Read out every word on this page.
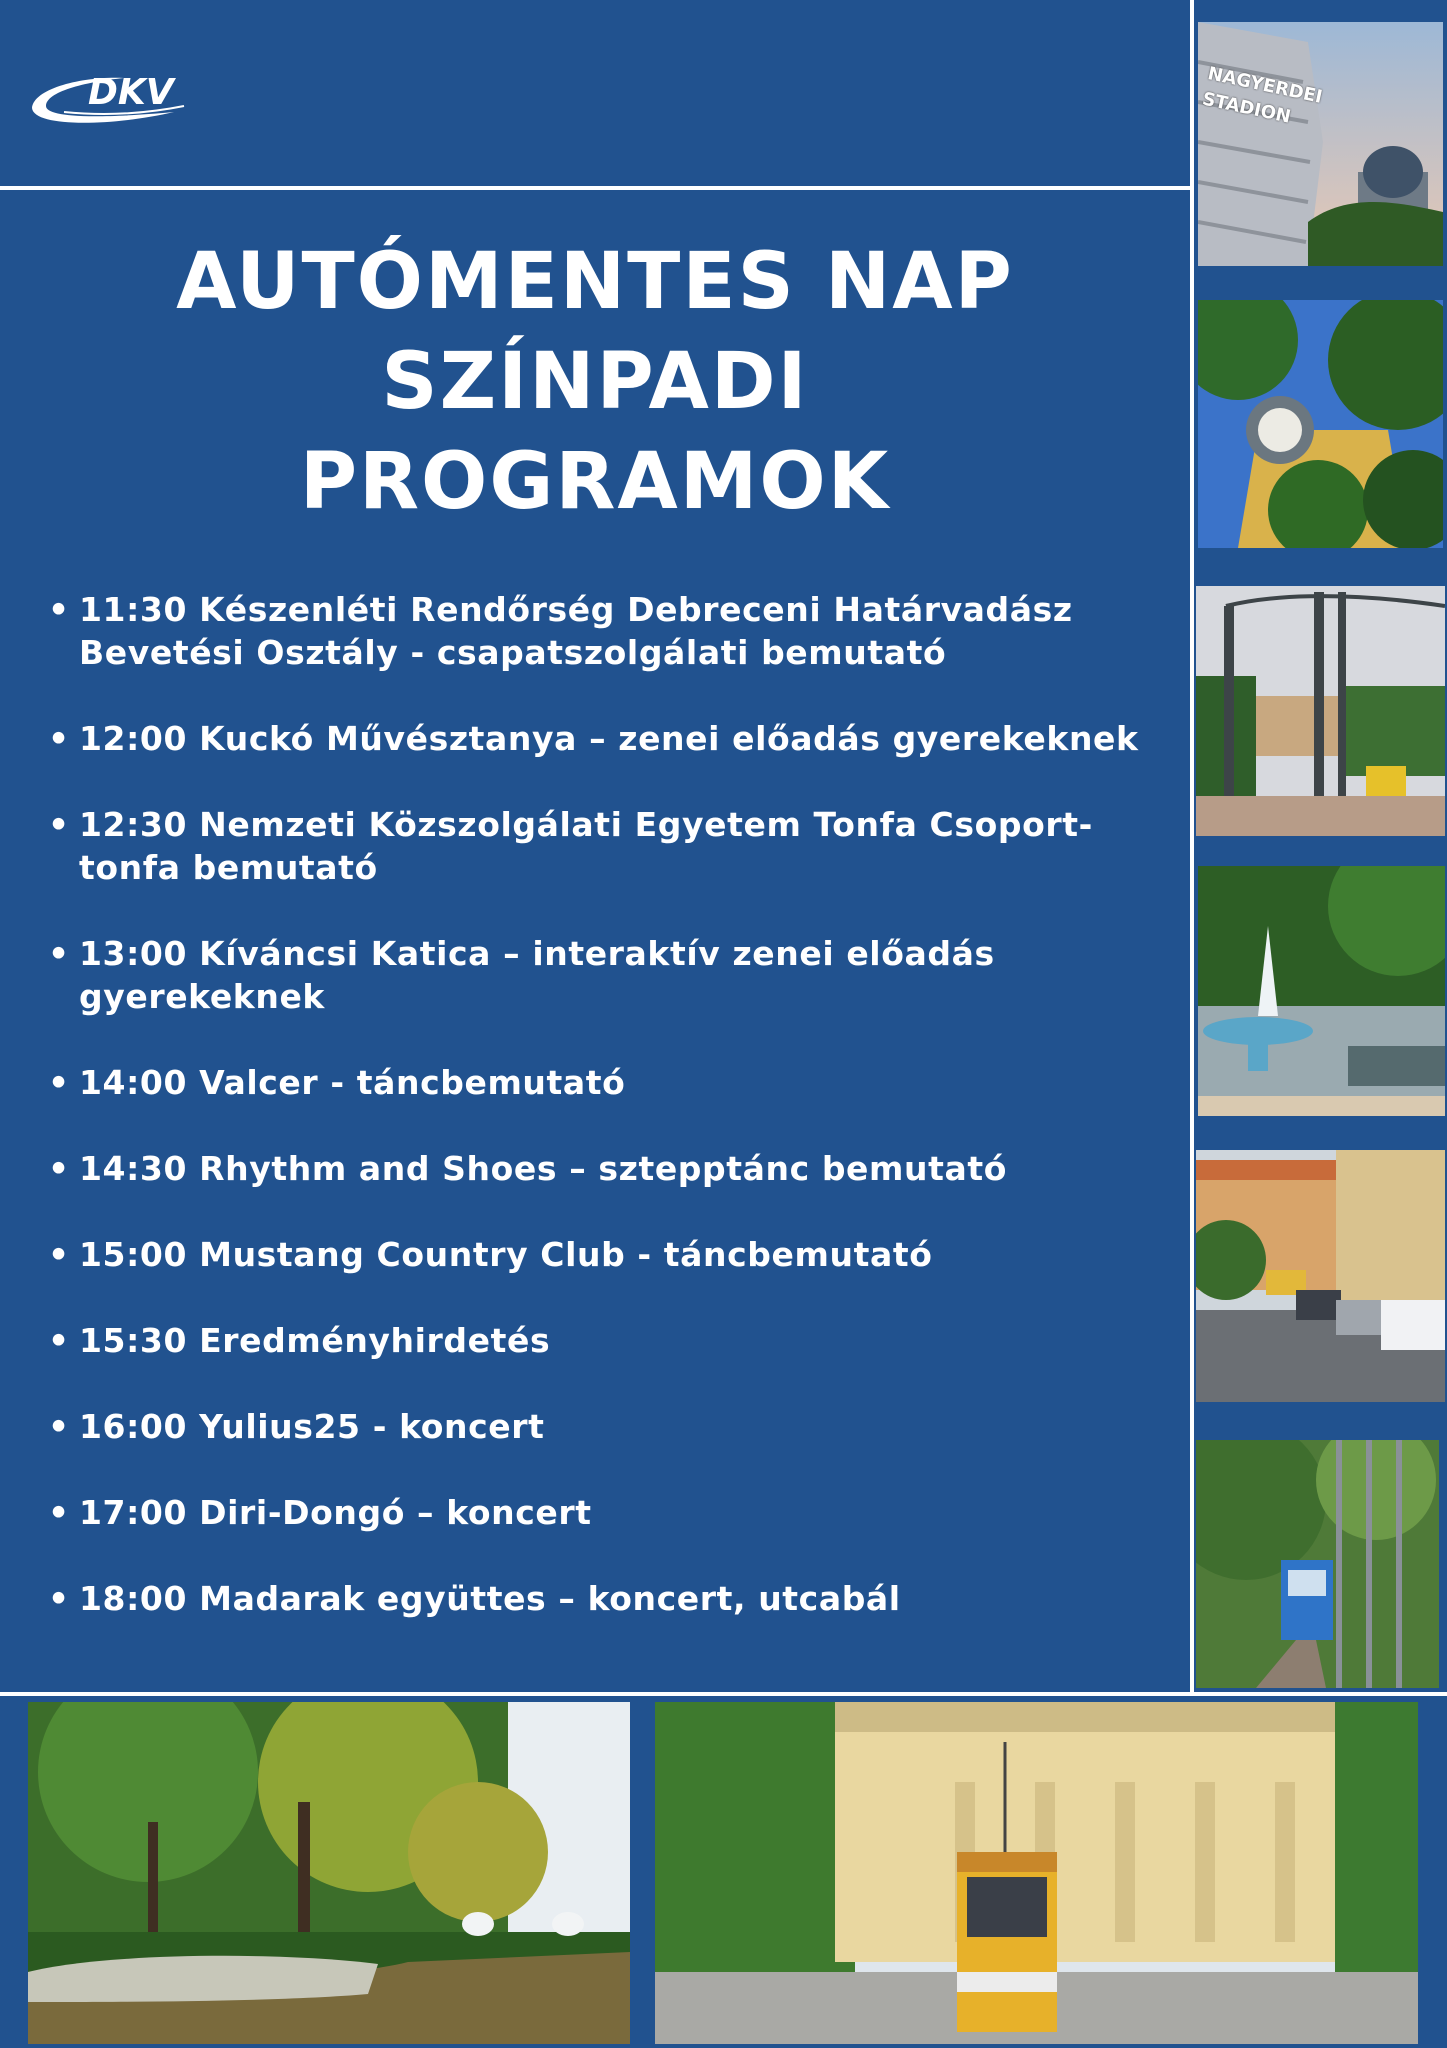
DKV
AUTÓMENTES NAP
SZÍNPADI
PROGRAMOK
• 11:30 Készenléti Rendőrség Debreceni Határvadász Bevetési Osztály - csapatszolgálati bemutató
• 12:00 Kuckó Művésztanya – zenei előadás gyerekeknek
• 12:30 Nemzeti Közszolgálati Egyetem Tonfa Csoport- tonfa bemutató
• 13:00 Kíváncsi Katica – interaktív zenei előadás gyerekeknek
• 14:00 Valcer - táncbemutató
• 14:30 Rhythm and Shoes – sztepptánc bemutató
• 15:00 Mustang Country Club - táncbemutató
• 15:30 Eredményhirdetés
• 16:00 Yulius25 - koncert
• 17:00 Diri-Dongó – koncert
• 18:00 Madarak együttes – koncert, utcabál
NAGYERDEI STADION
